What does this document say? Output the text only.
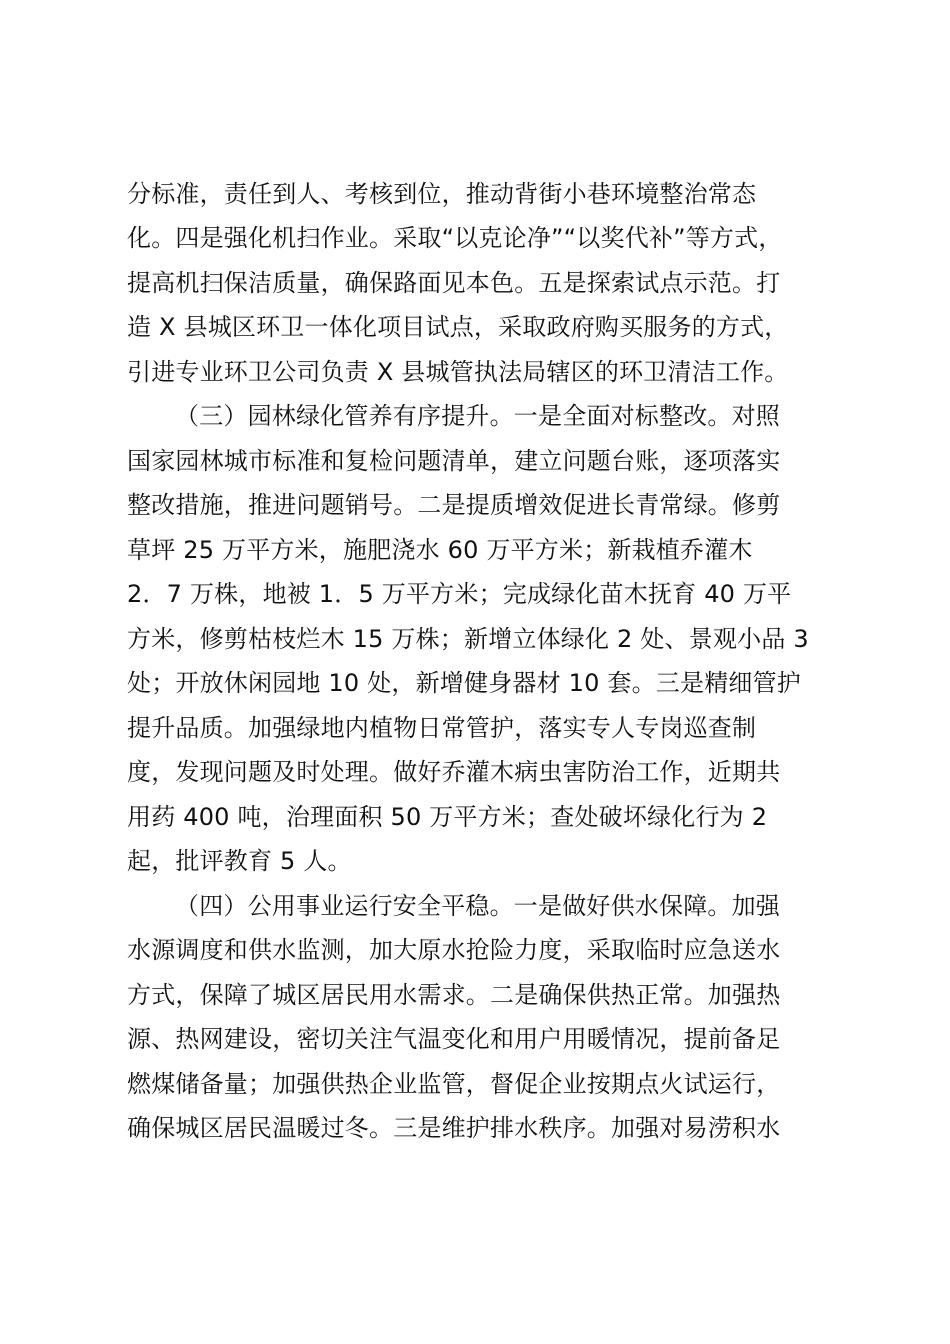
分标准，责任到人、考核到位，推动背街小巷环境整治常态
化。四是强化机扫作业。采取“以克论净”“以奖代补”等方式，
提高机扫保洁质量，确保路面见本色。五是探索试点示范。打
造 X 县城区环卫一体化项目试点，采取政府购买服务的方式，
引进专业环卫公司负责 X 县城管执法局辖区的环卫清洁工作。
（三）园林绿化管养有序提升。一是全面对标整改。对照
国家园林城市标准和复检问题清单，建立问题台账，逐项落实
整改措施，推进问题销号。二是提质增效促进长青常绿。修剪
草坪 25 万平方米，施肥浇水 60 万平方米；新栽植乔灌木
2．7 万株，地被 1．5 万平方米；完成绿化苗木抚育 40 万平
方米，修剪枯枝烂木 15 万株；新增立体绿化 2 处、景观小品 3
处；开放休闲园地 10 处，新增健身器材 10 套。三是精细管护
提升品质。加强绿地内植物日常管护，落实专人专岗巡查制
度，发现问题及时处理。做好乔灌木病虫害防治工作，近期共
用药 400 吨，治理面积 50 万平方米；查处破坏绿化行为 2
起，批评教育 5 人。
（四）公用事业运行安全平稳。一是做好供水保障。加强
水源调度和供水监测，加大原水抢险力度，采取临时应急送水
方式，保障了城区居民用水需求。二是确保供热正常。加强热
源、热网建设，密切关注气温变化和用户用暖情况，提前备足
燃煤储备量；加强供热企业监管，督促企业按期点火试运行，
确保城区居民温暖过冬。三是维护排水秩序。加强对易涝积水
